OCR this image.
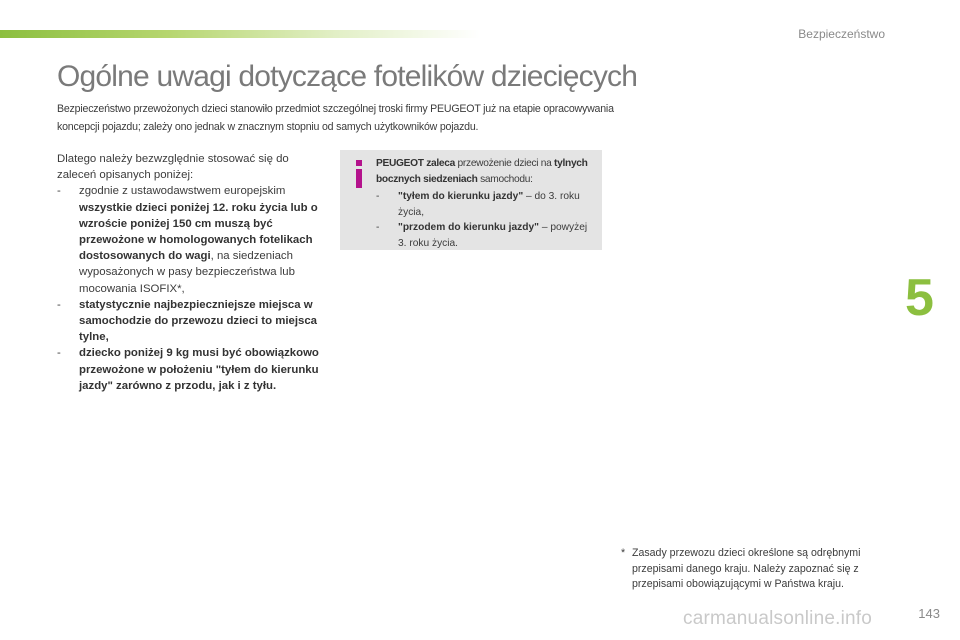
Bezpieczeństwo
Ogólne uwagi dotyczące fotelików dziecięcych

Bezpieczeństwo przewożonych dzieci stanowiło przedmiot szczególnej troski firmy PEUGEOT już na etapie opracowywania koncepcji pojazdu; zależy ono jednak w znacznym stopniu od samych użytkowników pojazdu.

Dlatego należy bezwzględnie stosować się do zaleceń opisanych poniżej:

-	zgodnie z ustawodawstwem europejskim wszystkie dzieci poniżej 12. roku życia lub o wzroście poniżej 150 cm muszą być przewożone w homologowanych fotelikach dostosowanych do wagi, na siedzeniach wyposażonych w pasy bezpieczeństwa lub mocowania ISOFIX*,
-	statystycznie najbezpieczniejsze miejsca w samochodzie do przewozu dzieci to miejsca tylne,
-	dziecko poniżej 9 kg musi być obowiązkowo przewożone w położeniu "tyłem do kierunku jazdy" zarówno z przodu, jak i z tyłu.

PEUGEOT zaleca przewożenie dzieci na tylnych bocznych siedzeniach samochodu:

-	"tyłem do kierunku jazdy" – do 3. roku życia,
-	"przodem do kierunku jazdy" – powyżej 3. roku życia.
5
* Zasady przewozu dzieci określone są odrębnymi przepisami danego kraju. Należy zapoznać się z przepisami obowiązującymi w Państwa kraju.
carmanualsonline.info	143
